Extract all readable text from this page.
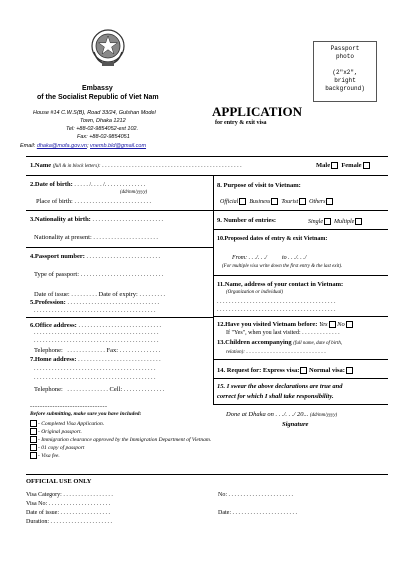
Embassy
of the Socialist Republic of Viet Nam
House #14 C.W.S(B), Road 33/24, Gulshan Model
Town, Dhaka 1212
Tel: +88-02-9854052-ext 102.
Fax: +88-02-9854051
Email: dhaka@mofa.gov.vn; vnemb.bld@gmail.com
APPLICATION
for entry & exit visa
Passport
photo
(2"x2",
bright
background)
1.Name (full & in block letters): . . . . . . . . . . . . . . . . . . . . . . . . . . . . . . . . . . . . . . . . . . . . . . .	Male Female
2.Date of birth: . . . . . /. . . . /. . . . . . . . . . . . . .
(dd/mm/yyyy)
Place of birth: . . . . . . . . . . . . . . . . . . . . . . . . . .
3.Nationality at birth: . . . . . . . . . . . . . . . . . . . . . . . .
Nationality at present: . . . . . . . . . . . . . . . . . . . . . .
4.Passport number: . . . . . . . . . . . . . . . . . . . . . . . . .
Type of passport: . . . . . . . . . . . . . . . . . . . . . . . . . . . .
Date of issue: . . . . . . . . . Date of expiry: . . . . . . . . .
5.Profession: . . . . . . . . . . . . . . . . . . . . . . . . . . . . . . .
. . . . . . . . . . . . . . . . . . . . . . . . . . . . . . . . . . . . . . . . .
6.Office address: . . . . . . . . . . . . . . . . . . . . . . . . . . . .
. . . . . . . . . . . . . . . . . . . . . . . . . . . . . . . . . . . . . . . . . .
. . . . . . . . . . . . . . . . . . . . . . . . . . . . . . . . . . . . . . . . . .
Telephone:   . . . . . . . . . . . . . Fax: . . . . . . . . . . . . . .
7.Home address: . . . . . . . . . . . . . . . . . . . . . . . . . . . .
. . . . . . . . . . . . . . . . . . . . . . . . . . . . . . . . . . . . . . . . .
. . . . . . . . . . . . . . . . . . . . . . . . . . . . . . . . . . . . . . . . .
Telephone:   . . . . . . . . . . . . . . Cell: . . . . . . . . . . . . . .
8. Purpose of visit to Vietnam:
Official Business Tourist Others
9. Number of entries:	Single Multiple
10.Proposed dates of entry & exit Vietnam:
From: . . ./. . ./	to . . ./. . ./
(For multiple visa write down the first entry & the last exit).
11.Name, address of your contact in Vietnam:
(Organization or individual)
. . . . . . . . . . . . . . . . . . . . . . . . . . . . . . . . . . . . . . . .
. . . . . . . . . . . . . . . . . . . . . . . . . . . . . . . . . . . . . . . .
12.Have you visited Vietnam before: Yes No
If "Yes", when you last visited: . . . . . . . . . . . . .
13.Children accompanying (full name, date of birth,
relation): . . . . . . . . . . . . . . . . . . . . . . . . . . .
14. Request for: Express visa: Normal visa:
15. I swear the above declarations are true and
correct for which I shall take responsibility.
- - - - - - - - - - - - - - - - - - - - - - - - - - - - - - -
Before submitting, make sure you have included:
- Completed Visa Application.
- Original passport.
- Immigration clearance approved by the Immigration Department of Vietnam.
- 01 copy of passport
- Visa fee.
Done at Dhaka on . . ./. . ./ 20... (dd/mm/yyyy)
Signature
OFFICIAL USE ONLY
Visa Category: . . . . . . . . . . . . . . . . .
Visa No: . . . . . . . . . . . . . . . . . . . . .
Date of issue: . . . . . . . . . . . . . . . . .
Duration: . . . . . . . . . . . . . . . . . . . . .
No: . . . . . . . . . . . . . . . . . . . . . .
Date: . . . . . . . . . . . . . . . . . . . . . .
